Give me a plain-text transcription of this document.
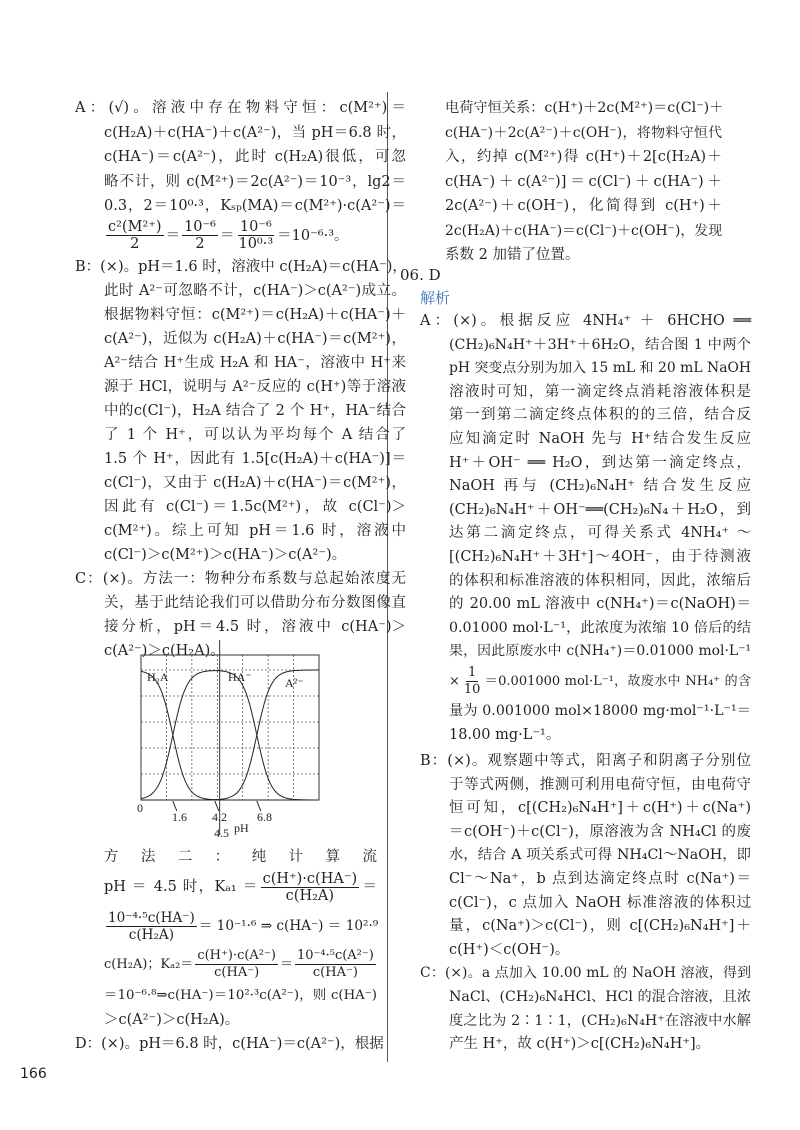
A：(√)。溶液中存在物料守恒：c(M²⁺)＝
c(H₂A)＋c(HA⁻)＋c(A²⁻)，当 pH＝6.8 时，
c(HA⁻)＝c(A²⁻)，此时 c(H₂A)很低，可忽
略不计，则 c(M²⁺)＝2c(A²⁻)＝10⁻³，lg2＝
0.3，2＝10⁰·³，Kₛₚ(MA)＝c(M²⁺)·c(A²⁻)＝
$\frac{\text{c²(M²⁺)}}{2} = \frac{\text{10⁻⁶}}{2} = \frac{\text{10⁻⁶}}{\text{10⁰·³}} =10^{-6}\cdot^3$。
B：(×)。pH＝1.6 时，溶液中 c(H₂A)＝c(HA⁻)，
此时 A²⁻可忽略不计，c(HA⁻)＞c(A²⁻)成立。
根据物料守恒：c(M²⁺)＝c(H₂A)＋c(HA⁻)＋
c(A²⁻)，近似为 c(H₂A)＋c(HA⁻)＝c(M²⁺)，
A²⁻结合 H⁺生成 H₂A 和 HA⁻，溶液中 H⁺来
源于 HCl，说明与 A²⁻反应的 c(H⁺)等于溶液
中的c(Cl⁻)，H₂A 结合了 2 个 H⁺，HA⁻结合
了 1 个 H⁺，可以认为平均每个 A 结合了
1.5 个 H⁺，因此有 1.5[c(H₂A)＋c(HA⁻)]＝
c(Cl⁻)，又由于 c(H₂A)＋c(HA⁻)＝c(M²⁺)，
因此有 c(Cl⁻)＝1.5c(M²⁺)，故 c(Cl⁻)＞
c(M²⁺)。综上可知 pH＝1.6 时，溶液中
c(Cl⁻)＞c(M²⁺)＞c(HA⁻)＞c(A²⁻)。
C：(×)。方法一：物种分布系数与总起始浓度无
关，基于此结论我们可以借助分布分数图像直
接分析，pH＝4.5 时，溶液中 c(HA⁻)＞
c(A²⁻)＞c(H₂A)。
H₂A	HA⁻	A²⁻
0
1.6 4.2	6.8
4.5 pH
方法二：纯计算流
pH ＝ 4.5 时，$K_{a1} = \frac{c(H^+)\cdot c(HA^-)}{\text{c(H₂A)}}$ ＝
$\frac{\text{10⁻⁴·⁵c(HA⁻)}}{\text{c(H₂A)}} = 10^{-1}\cdot^6$ ⇒ c(HA⁻) ＝ 10²·⁹
c(H₂A)；$K_{a2}= \frac{\text{c(H⁺)·c(A²⁻)}}{c(HA^-)} = \frac{\text{10⁻⁴·⁵c(A²⁻)}}{c(HA^-)}$
＝10⁻⁶·⁸⇒c(HA⁻)＝10²·³c(A²⁻)，则 c(HA⁻)
＞c(A²⁻)＞c(H₂A)。
D：(×)。pH＝6.8 时，c(HA⁻)＝c(A²⁻)，根据
电荷守恒关系：c(H⁺)＋2c(M²⁺)＝c(Cl⁻)＋
c(HA⁻)＋2c(A²⁻)＋c(OH⁻)，将物料守恒代
入，约掉 c(M²⁺)得 c(H⁺)＋2[c(H₂A)＋
c(HA⁻)＋c(A²⁻)]＝c(Cl⁻)＋c(HA⁻)＋
2c(A²⁻)＋c(OH⁻)，化简得到 c(H⁺)＋
2c(H₂A)＋c(HA⁻)＝c(Cl⁻)＋c(OH⁻)，发现
系数 2 加错了位置。
06. D
解析
A：(×)。根据反应 4NH₄⁺ ＋ 6HCHO ══
(CH₂)₆N₄H⁺＋3H⁺＋6H₂O，结合图 1 中两个
pH 突变点分别为加入 15 mL 和 20 mL NaOH
溶液时可知，第一滴定终点消耗溶液体积是
第一到第二滴定终点体积的的三倍，结合反
应知滴定时 NaOH 先与 H⁺结合发生反应
H⁺＋OH⁻ ══ H₂O，到达第一滴定终点，
NaOH 再与 (CH₂)₆N₄H⁺ 结合发生反应
(CH₂)₆N₄H⁺＋OH⁻══(CH₂)₆N₄＋H₂O，到
达第二滴定终点，可得关系式 4NH₄⁺ ～
[(CH₂)₆N₄H⁺＋3H⁺]～4OH⁻，由于待测液
的体积和标准溶液的体积相同，因此，浓缩后
的 20.00 mL 溶液中 c(NH₄⁺)＝c(NaOH)＝
0.01000 mol·L⁻¹，此浓度为浓缩 10 倍后的结
果，因此原废水中 c(NH₄⁺)＝0.01000 mol·L⁻¹
× $\frac{1}{10} =0.001000$ mol·L⁻¹，故废水中 NH₄⁺ 的含
量为 0.001000 mol×18000 mg·mol⁻¹·L⁻¹＝
18.00 mg·L⁻¹。
B：(×)。观察题中等式，阳离子和阴离子分别位
于等式两侧，推测可利用电荷守恒，由电荷守
恒可知，c[(CH₂)₆N₄H⁺]＋c(H⁺)＋c(Na⁺)
＝c(OH⁻)＋c(Cl⁻)，原溶液为含 NH₄Cl 的废
水，结合 A 项关系式可得 NH₄Cl～NaOH，即
Cl⁻～Na⁺，b 点到达滴定终点时 c(Na⁺)＝
c(Cl⁻)，c 点加入 NaOH 标准溶液的体积过
量，c(Na⁺)＞c(Cl⁻)，则 c[(CH₂)₆N₄H⁺]＋
c(H⁺)＜c(OH⁻)。
C：(×)。a 点加入 10.00 mL 的 NaOH 溶液，得到
NaCl、(CH₂)₆N₄HCl、HCl 的混合溶液，且浓
度之比为 2∶1∶1，(CH₂)₆N₄H⁺在溶液中水解
产生 H⁺，故 c(H⁺)＞c[(CH₂)₆N₄H⁺]。
166
